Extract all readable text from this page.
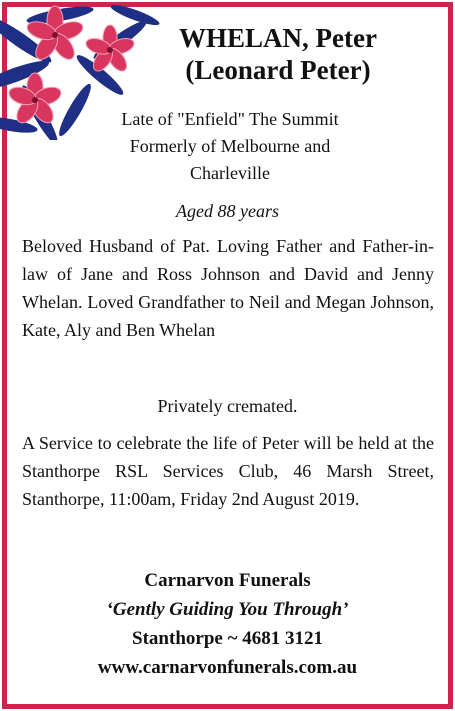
WHELAN, Peter
(Leonard Peter)
Late of "Enfield" The Summit
Formerly of Melbourne and
Charleville
Aged 88 years
Beloved Husband of Pat. Loving Father and Father-in-law of Jane and Ross Johnson and David and Jenny Whelan. Loved Grandfather to Neil and Megan Johnson, Kate, Aly and Ben Whelan
Privately cremated.
A Service to celebrate the life of Peter will be held at the Stanthorpe RSL Services Club, 46 Marsh Street, Stanthorpe, 11:00am, Friday 2nd August 2019.
Carnarvon Funerals
‘Gently Guiding You Through’
Stanthorpe ~ 4681 3121
www.carnarvonfunerals.com.au
